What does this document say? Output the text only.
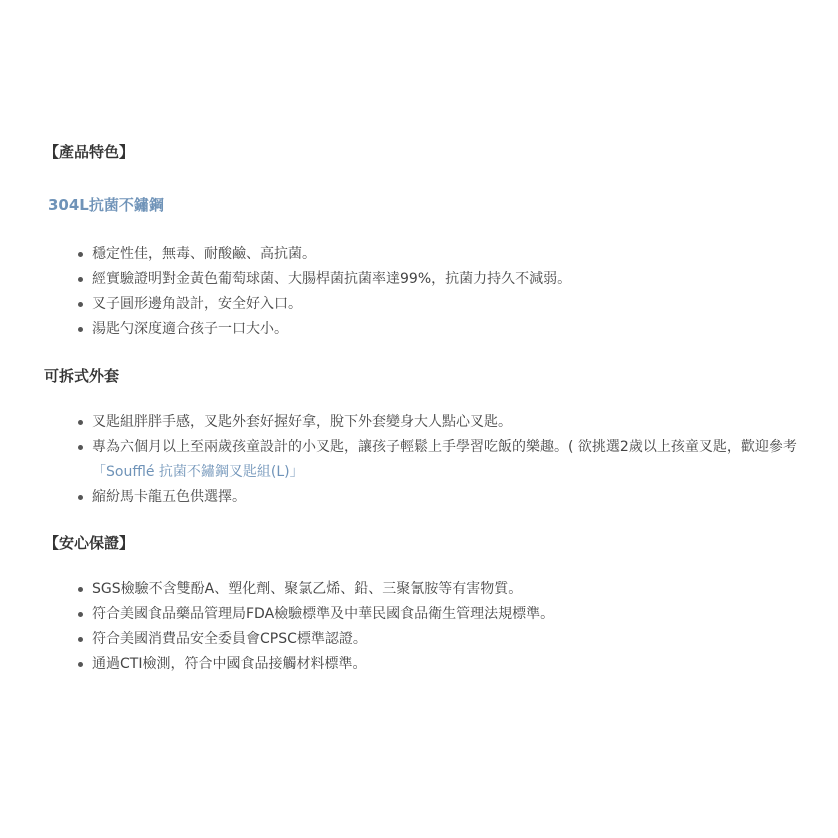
【產品特色】

304L抗菌不鏽鋼

穩定性佳，無毒、耐酸鹼、高抗菌。
經實驗證明對金黃色葡萄球菌、大腸桿菌抗菌率達99%，抗菌力持久不減弱。
叉子圓形邊角設計，安全好入口。
湯匙勺深度適合孩子一口大小。

可拆式外套

叉匙組胖胖手感，叉匙外套好握好拿，脫下外套變身大人點心叉匙。
專為六個月以上至兩歲孩童設計的小叉匙，讓孩子輕鬆上手學習吃飯的樂趣。( 欲挑選2歲以上孩童叉匙，歡迎參考「Soufflé 抗菌不鏽鋼叉匙組(L)」
縮紛馬卡龍五色供選擇。

【安心保證】

SGS檢驗不含雙酚A、塑化劑、聚氯乙烯、鉛、三聚氰胺等有害物質。
符合美國食品藥品管理局FDA檢驗標準及中華民國食品衛生管理法規標準。
符合美國消費品安全委員會CPSC標準認證。
通過CTI檢測，符合中國食品接觸材料標準。
